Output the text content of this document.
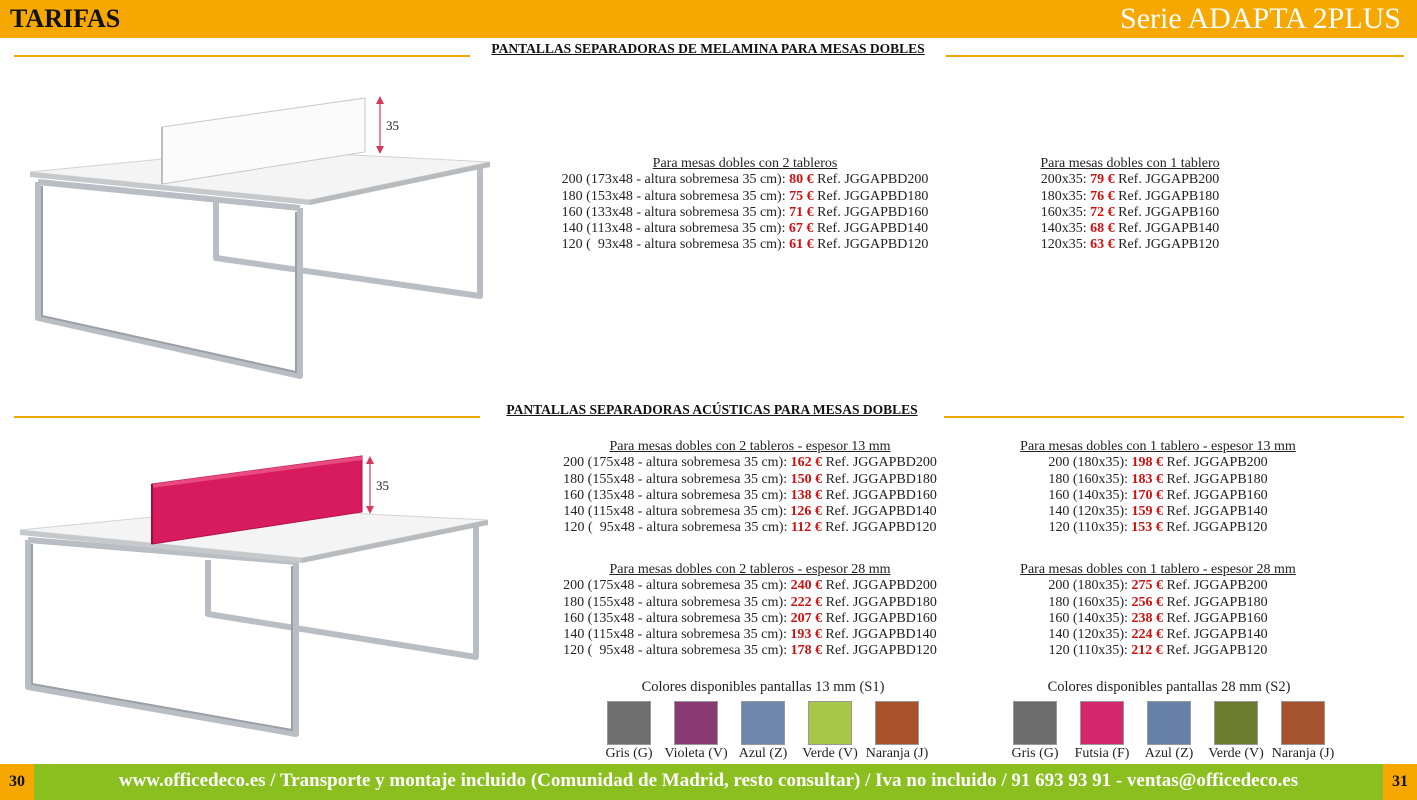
TARIFAS	Serie ADAPTA 2PLUS
PANTALLAS SEPARADORAS DE MELAMINA PARA MESAS DOBLES
35
Para mesas dobles con 2 tableros
200 (173x48 - altura sobremesa 35 cm): 80 € Ref. JGGAPBD200
180 (153x48 - altura sobremesa 35 cm): 75 € Ref. JGGAPBD180
160 (133x48 - altura sobremesa 35 cm): 71 € Ref. JGGAPBD160
140 (113x48 - altura sobremesa 35 cm): 67 € Ref. JGGAPBD140
120 (  93x48 - altura sobremesa 35 cm): 61 € Ref. JGGAPBD120
Para mesas dobles con 1 tablero
200x35: 79 € Ref. JGGAPB200
180x35: 76 € Ref. JGGAPB180
160x35: 72 € Ref. JGGAPB160
140x35: 68 € Ref. JGGAPB140
120x35: 63 € Ref. JGGAPB120
PANTALLAS SEPARADORAS ACÚSTICAS PARA MESAS DOBLES
35
Para mesas dobles con 2 tableros - espesor 13 mm
200 (175x48 - altura sobremesa 35 cm): 162 € Ref. JGGAPBD200
180 (155x48 - altura sobremesa 35 cm): 150 € Ref. JGGAPBD180
160 (135x48 - altura sobremesa 35 cm): 138 € Ref. JGGAPBD160
140 (115x48 - altura sobremesa 35 cm): 126 € Ref. JGGAPBD140
120 (  95x48 - altura sobremesa 35 cm): 112 € Ref. JGGAPBD120
Para mesas dobles con 1 tablero - espesor 13 mm
200 (180x35): 198 € Ref. JGGAPB200
180 (160x35): 183 € Ref. JGGAPB180
160 (140x35): 170 € Ref. JGGAPB160
140 (120x35): 159 € Ref. JGGAPB140
120 (110x35): 153 € Ref. JGGAPB120
Para mesas dobles con 2 tableros - espesor 28 mm
200 (175x48 - altura sobremesa 35 cm): 240 € Ref. JGGAPBD200
180 (155x48 - altura sobremesa 35 cm): 222 € Ref. JGGAPBD180
160 (135x48 - altura sobremesa 35 cm): 207 € Ref. JGGAPBD160
140 (115x48 - altura sobremesa 35 cm): 193 € Ref. JGGAPBD140
120 (  95x48 - altura sobremesa 35 cm): 178 € Ref. JGGAPBD120
Para mesas dobles con 1 tablero - espesor 28 mm
200 (180x35): 275 € Ref. JGGAPB200
180 (160x35): 256 € Ref. JGGAPB180
160 (140x35): 238 € Ref. JGGAPB160
140 (120x35): 224 € Ref. JGGAPB140
120 (110x35): 212 € Ref. JGGAPB120
Colores disponibles pantallas 13 mm (S1)
Gris (G) Violeta (V) Azul (Z)	Verde (V) Naranja (J)
Colores disponibles pantallas 28 mm (S2)
Gris (G)	Futsia (F)	Azul (Z)	Verde (V) Naranja (J)
30	www.officedeco.es / Transporte y montaje incluido (Comunidad de Madrid, resto consultar) / Iva no incluido / 91 693 93 91 - ventas@officedeco.es	31
